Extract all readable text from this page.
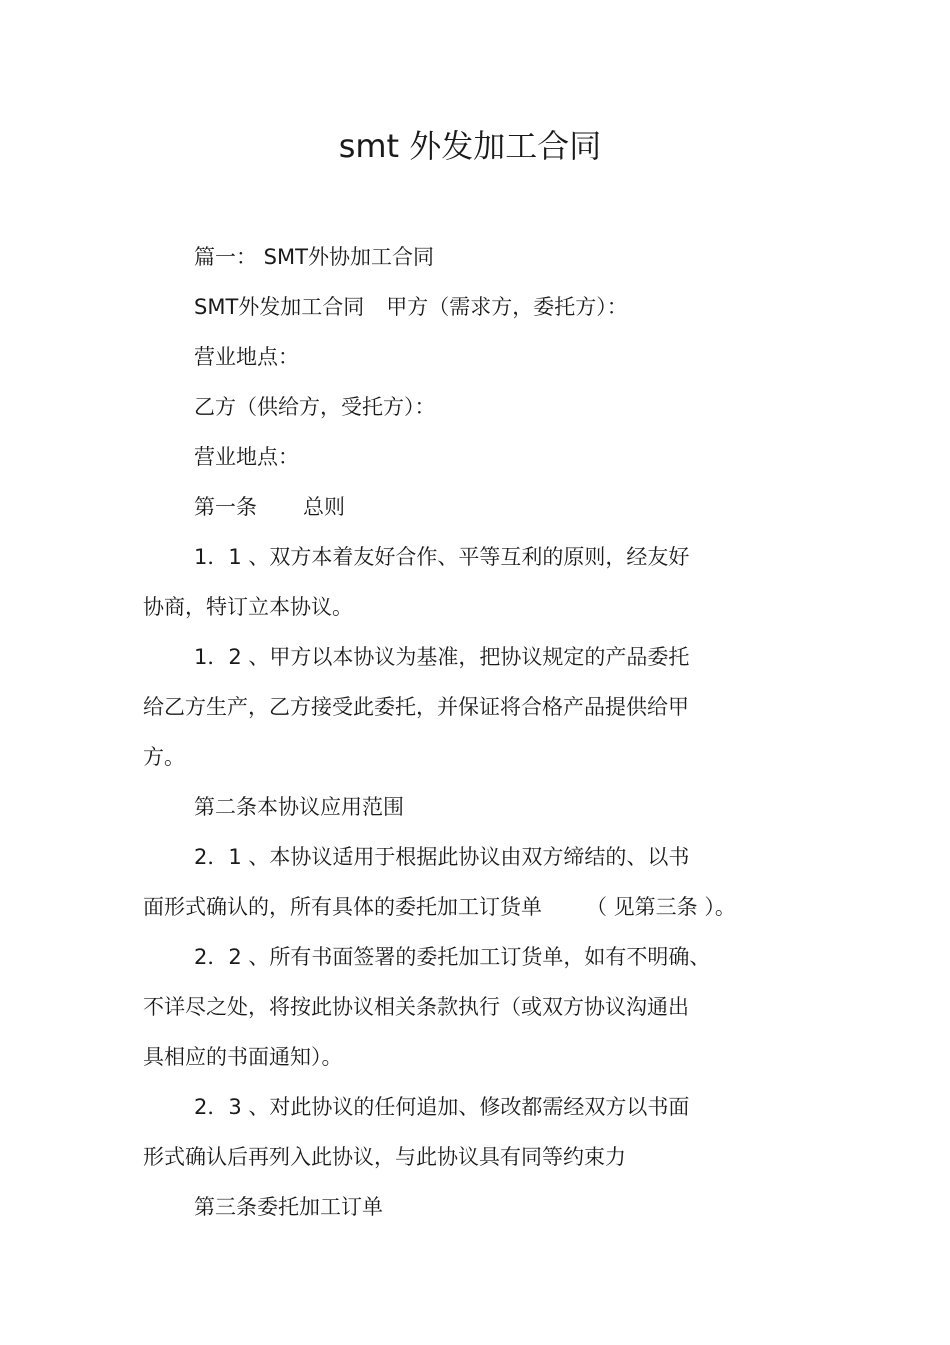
smt 外发加工合同
篇一： SMT外协加工合同
SMT外发加工合同 甲方（需求方，委托方）：
营业地点：
乙方（供给方，受托方）：
营业地点：
第一条 总则
1．1 、双方本着友好合作、平等互利的原则，经友好
协商，特订立本协议。
1．2 、甲方以本协议为基准，把协议规定的产品委托
给乙方生产，乙方接受此委托，并保证将合格产品提供给甲
方。
第二条本协议应用范围
2．1 、本协议适用于根据此协议由双方缔结的、以书
面形式确认的，所有具体的委托加工订货单 （ 见第三条 ）。
2．2 、所有书面签署的委托加工订货单，如有不明确、
不详尽之处，将按此协议相关条款执行（或双方协议沟通出
具相应的书面通知）。
2．3 、对此协议的任何追加、修改都需经双方以书面
形式确认后再列入此协议，与此协议具有同等约束力
第三条委托加工订单
